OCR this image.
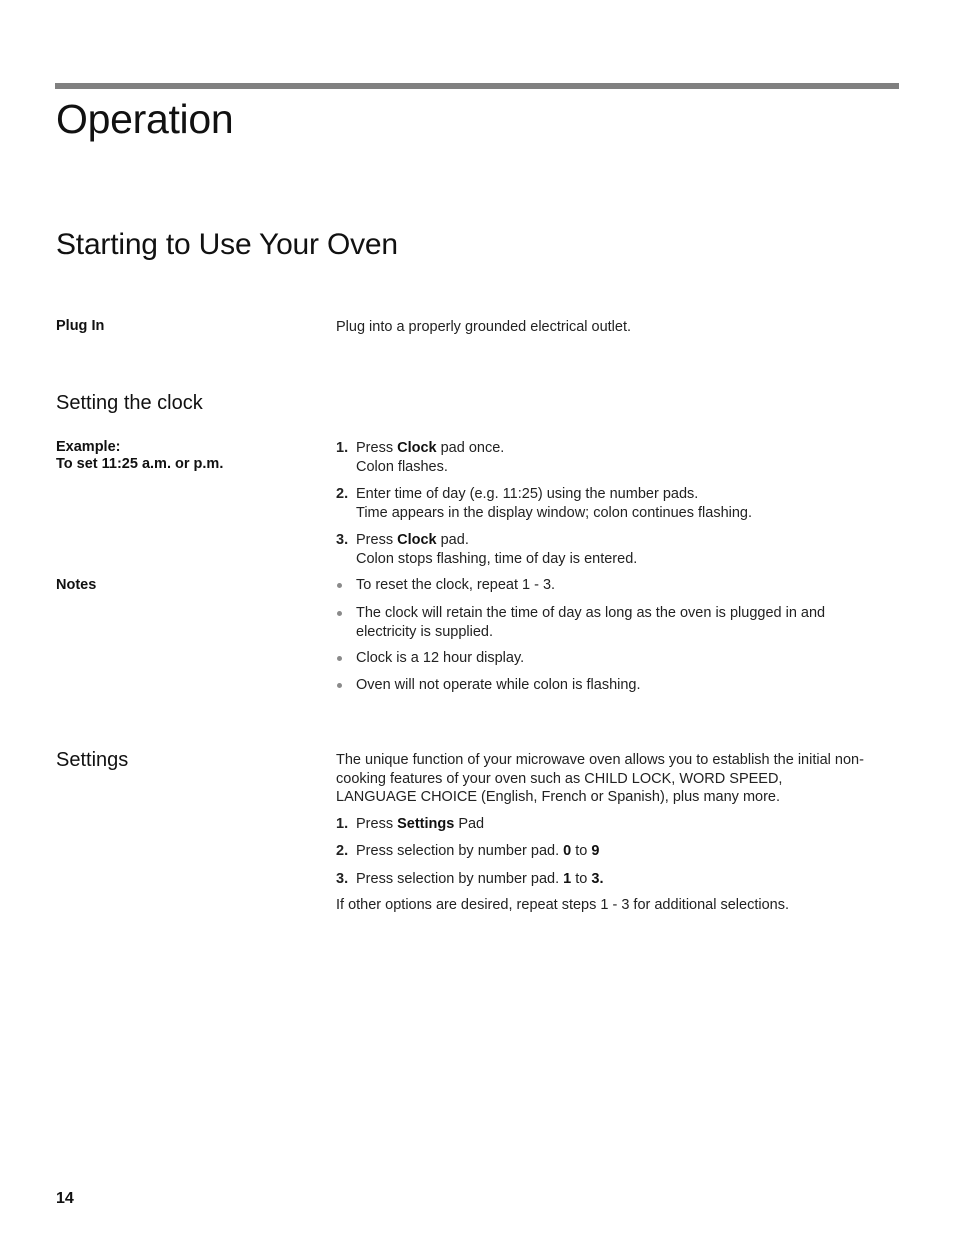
Operation
Starting to Use Your Oven
Plug In	Plug into a properly grounded electrical outlet.
Setting the clock
Example:
To set 11:25 a.m. or p.m.
1. Press Clock pad once.
Colon flashes.
2. Enter time of day (e.g. 11:25) using the number pads.
Time appears in the display window; colon continues flashing.
3. Press Clock pad.
Colon stops flashing, time of day is entered.
Notes	To reset the clock, repeat 1 - 3.
The clock will retain the time of day as long as the oven is plugged in and electricity is supplied.
Clock is a 12 hour display.
Oven will not operate while colon is flashing.
Settings	The unique function of your microwave oven allows you to establish the initial non-cooking features of your oven such as CHILD LOCK, WORD SPEED, LANGUAGE CHOICE (English, French or Spanish), plus many more.
1. Press Settings Pad
2. Press selection by number pad. 0 to 9
3. Press selection by number pad. 1 to 3.
If other options are desired, repeat steps 1 - 3 for additional selections.
14
